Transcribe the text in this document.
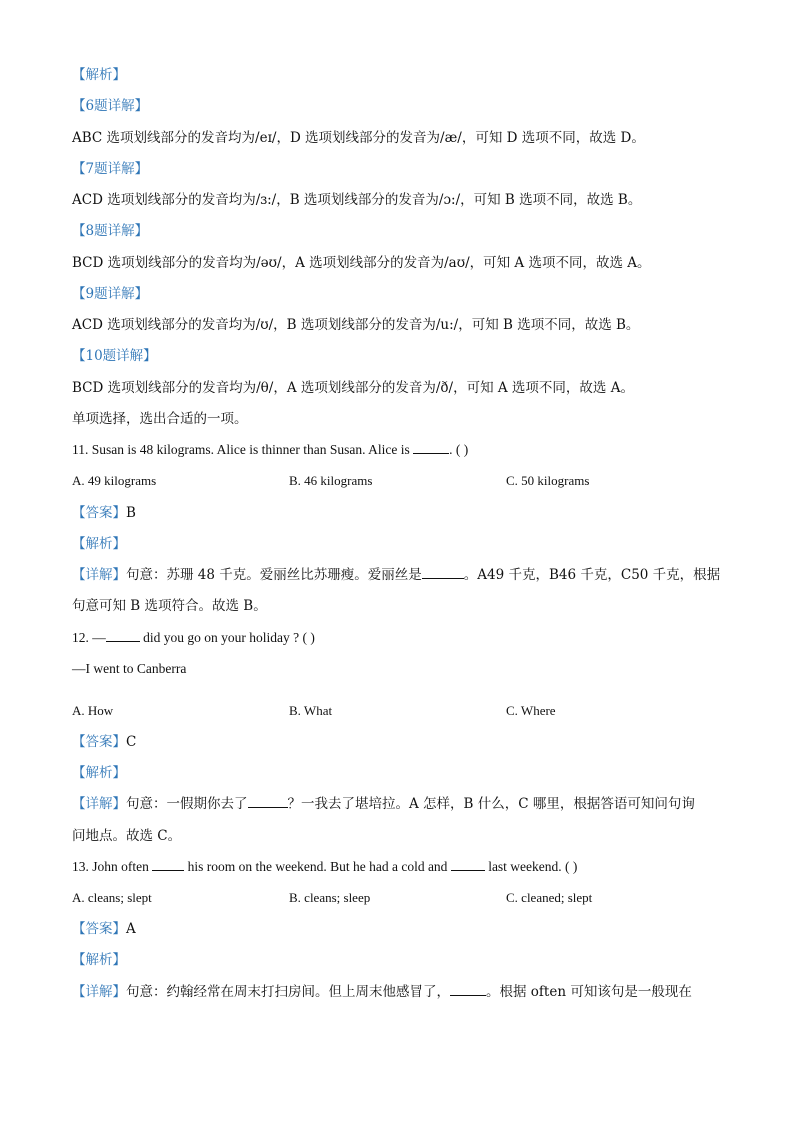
【解析】
【6题详解】
ABC 选项划线部分的发音均为/eɪ/，D 选项划线部分的发音为/æ/，可知 D 选项不同，故选 D。
【7题详解】
ACD 选项划线部分的发音均为/ɜ:/，B 选项划线部分的发音为/ɔ:/，可知 B 选项不同，故选 B。
【8题详解】
BCD 选项划线部分的发音均为/əʊ/，A 选项划线部分的发音为/aʊ/，可知 A 选项不同，故选 A。
【9题详解】
ACD 选项划线部分的发音均为/ʊ/，B 选项划线部分的发音为/u:/，可知 B 选项不同，故选 B。
【10题详解】
BCD 选项划线部分的发音均为/θ/，A 选项划线部分的发音为/ð/，可知 A 选项不同，故选 A。
单项选择，选出合适的一项。
11. Susan is 48 kilograms. Alice is thinner than Susan. Alice is	. ( )
A. 49 kilograms	B. 46 kilograms	C. 50 kilograms
【答案】B
【解析】
【详解】句意：苏珊 48 千克。爱丽丝比苏珊瘦。爱丽丝是	。A49 千克，B46 千克，C50 千克，根据
句意可知 B 选项符合。故选 B。
12. —	did you go on your holiday ? ( )
—I went to Canberra
A. How	B. What	C. Where
【答案】C
【解析】
【详解】句意：一假期你去了	？一我去了堪培拉。A 怎样，B 什么，C 哪里，根据答语可知问句询
问地点。故选 C。
13. John often  his room on the weekend. But he had a cold and	last weekend. ( )
A. cleans; slept	B. cleans; sleep	C. cleaned; slept
【答案】A
【解析】
【详解】句意：约翰经常在周末打扫房间。但上周末他感冒了，	。根据 often 可知该句是一般现在
